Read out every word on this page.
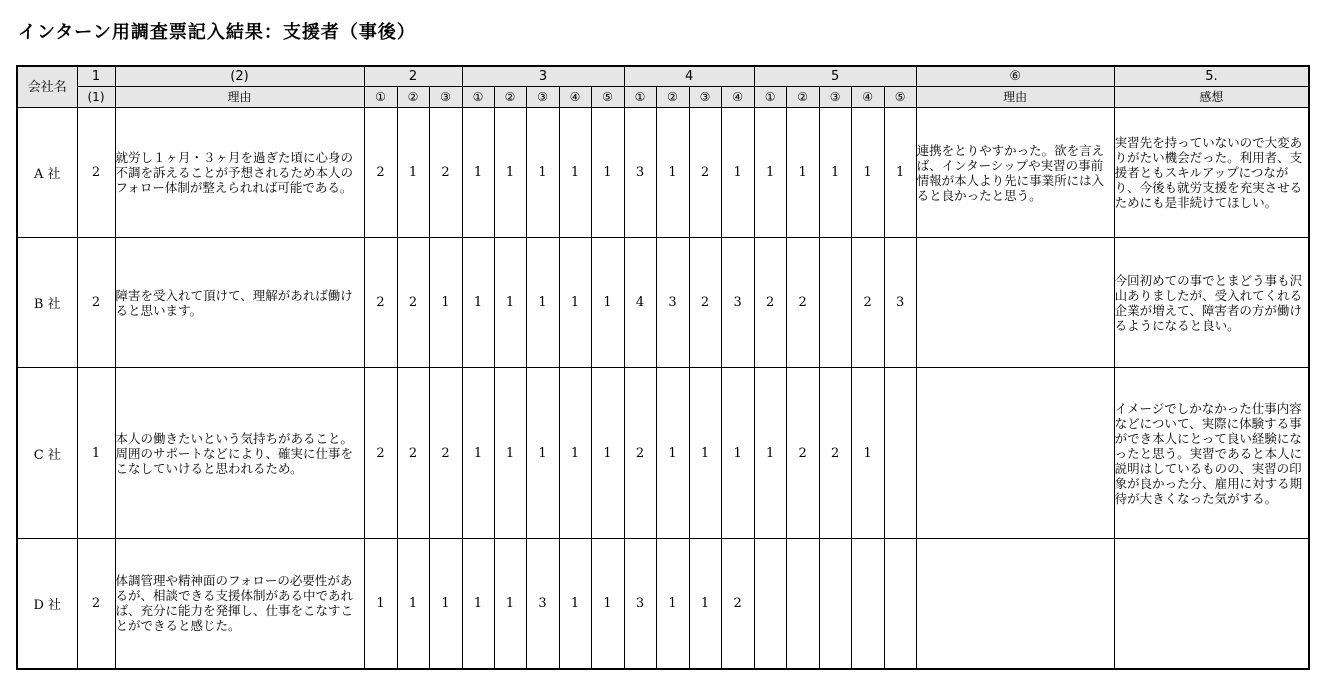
インターン用調査票記入結果：支援者（事後）
会社名	1	(2)	2			3					4				5					⑥	5.
	(1)	理由	①	②	③	①	②	③	④	⑤	①	②	③	④	①	②	③	④	⑤	理由	感想
A 社	2	就労し１ヶ月・３ヶ月を過ぎた頃に心身の不調を訴えることが予想されるため本人のフォロー体制が整えられれば可能である。	2	1	2	1	1	1	1	1	3	1	2	1	1	1	1	1	1	連携をとりやすかった。欲を言えば、インターシップや実習の事前情報が本人より先に事業所には入ると良かったと思う。	実習先を持っていないので大変ありがたい機会だった。利用者、支援者ともスキルアップにつながり、今後も就労支援を充実させるためにも是非続けてほしい。
B 社	2	障害を受入れて頂けて、理解があれば働けると思います。	2	2	1	1	1	1	1	1	4	3	2	3	2	2		2	3		今回初めての事でとまどう事も沢山ありましたが、受入れてくれる企業が増えて、障害者の方が働けるようになると良い。
C 社	1	本人の働きたいという気持ちがあること。周囲のサポートなどにより、確実に仕事をこなしていけると思われるため。	2	2	2	1	1	1	1	1	2	1	1	1	1	2	2	1			イメージでしかなかった仕事内容などについて、実際に体験する事ができ本人にとって良い経験になったと思う。実習であると本人に説明はしているものの、実習の印象が良かった分、雇用に対する期待が大きくなった気がする。
D 社	2	体調管理や精神面のフォローの必要性があるが、相談できる支援体制がある中であれば、充分に能力を発揮し、仕事をこなすことができると感じた。	1	1	1	1	1	3	1	1	3	1	1	2							
